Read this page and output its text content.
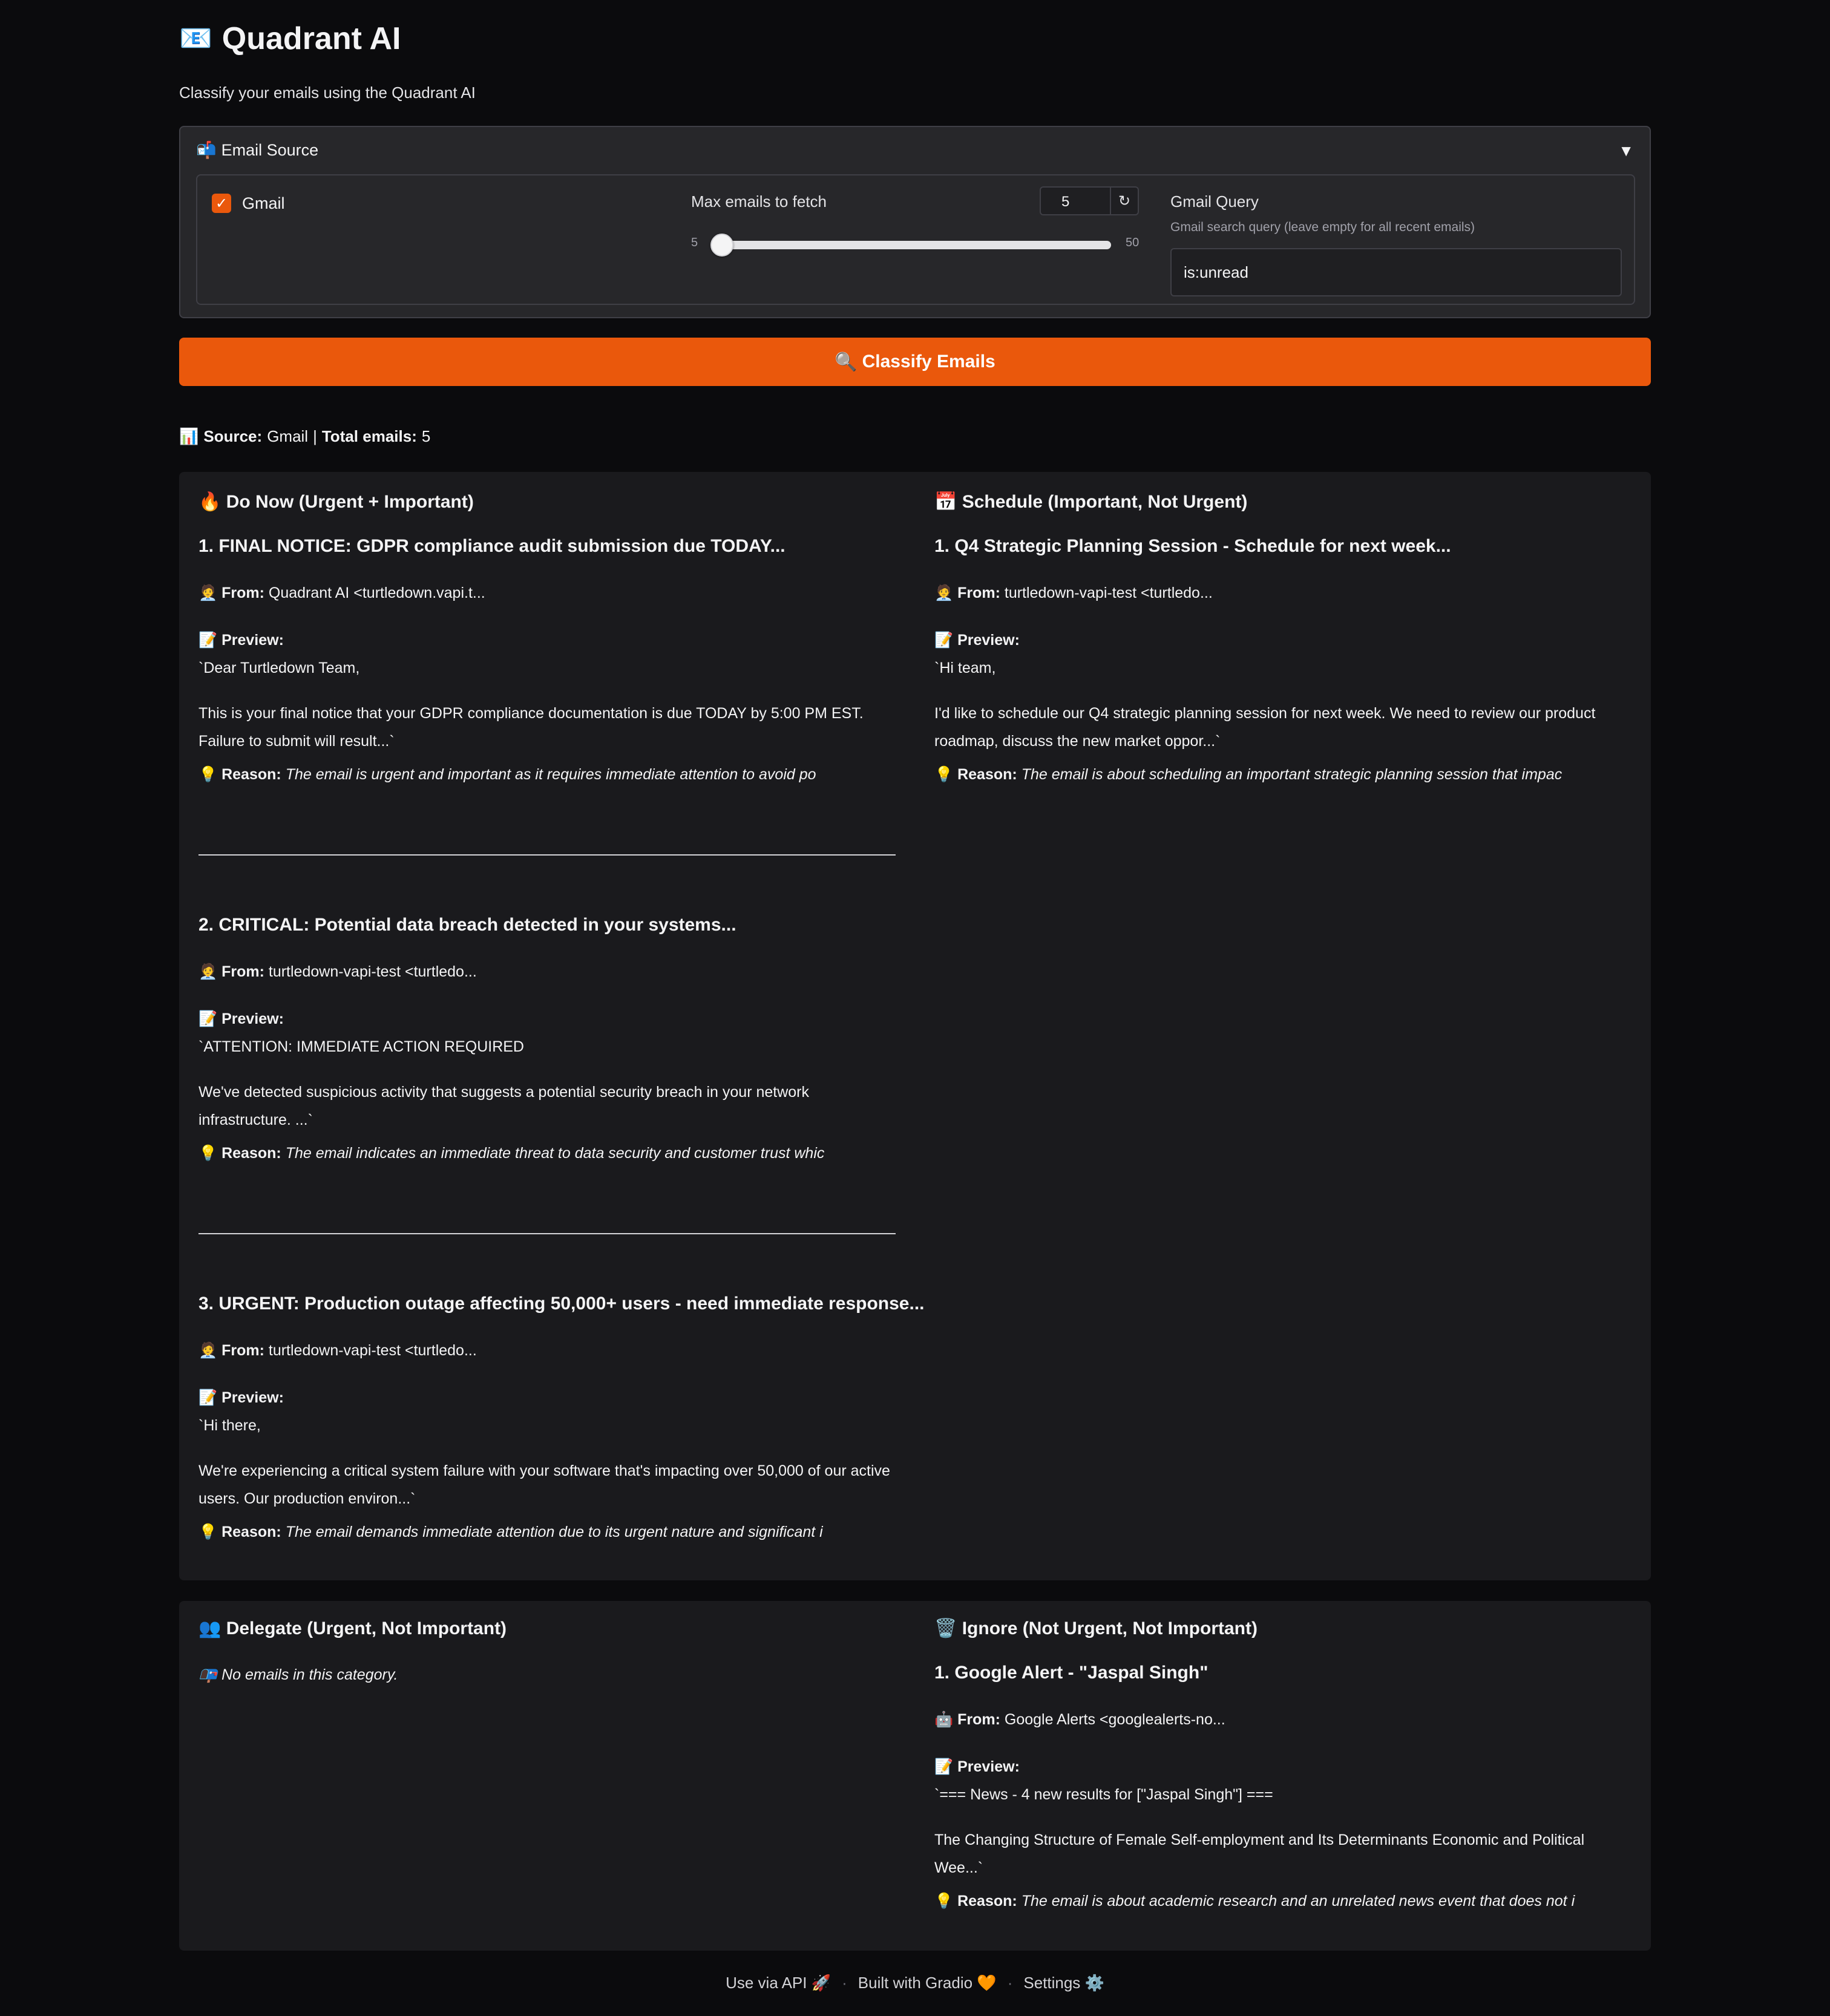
📧 Quadrant AI
Classify your emails using the Quadrant AI
📬 Email Source	▼
✓ Gmail	Max emails to fetch	5	↻
5	50
Gmail Query
Gmail search query (leave empty for all recent emails)
is:unread
🔍 Classify Emails
📊 Source: Gmail | Total emails: 5
🔥 Do Now (Urgent + Important)
1. FINAL NOTICE: GDPR compliance audit submission due TODAY...
🧑‍💼 From: Quadrant AI <turtledown.vapi.t...
📝 Preview:
`Dear Turtledown Team,
This is your final notice that your GDPR compliance documentation is due TODAY by 5:00 PM EST. Failure to submit will result...`
💡 Reason: The email is urgent and important as it requires immediate attention to avoid po
2. CRITICAL: Potential data breach detected in your systems...
🧑‍💼 From: turtledown-vapi-test <turtledo...
📝 Preview:
`ATTENTION: IMMEDIATE ACTION REQUIRED
We've detected suspicious activity that suggests a potential security breach in your network infrastructure. ...`
💡 Reason: The email indicates an immediate threat to data security and customer trust whic
3. URGENT: Production outage affecting 50,000+ users - need immediate response...
🧑‍💼 From: turtledown-vapi-test <turtledo...
📝 Preview:
`Hi there,
We're experiencing a critical system failure with your software that's impacting over 50,000 of our active users. Our production environ...`
💡 Reason: The email demands immediate attention due to its urgent nature and significant i
📅 Schedule (Important, Not Urgent)
1. Q4 Strategic Planning Session - Schedule for next week...
🧑‍💼 From: turtledown-vapi-test <turtledo...
📝 Preview:
`Hi team,
I'd like to schedule our Q4 strategic planning session for next week. We need to review our product roadmap, discuss the new market oppor...`
💡 Reason: The email is about scheduling an important strategic planning session that impac
👥 Delegate (Urgent, Not Important)
📭 No emails in this category.
🗑️ Ignore (Not Urgent, Not Important)
1. Google Alert - "Jaspal Singh"
🤖 From: Google Alerts <googlealerts-no...
📝 Preview:
`=== News - 4 new results for ["Jaspal Singh"] ===
The Changing Structure of Female Self-employment and Its Determinants Economic and Political Wee...`
💡 Reason: The email is about academic research and an unrelated news event that does not i
Use via API 🚀 · Built with Gradio 🧡 · Settings ⚙️
